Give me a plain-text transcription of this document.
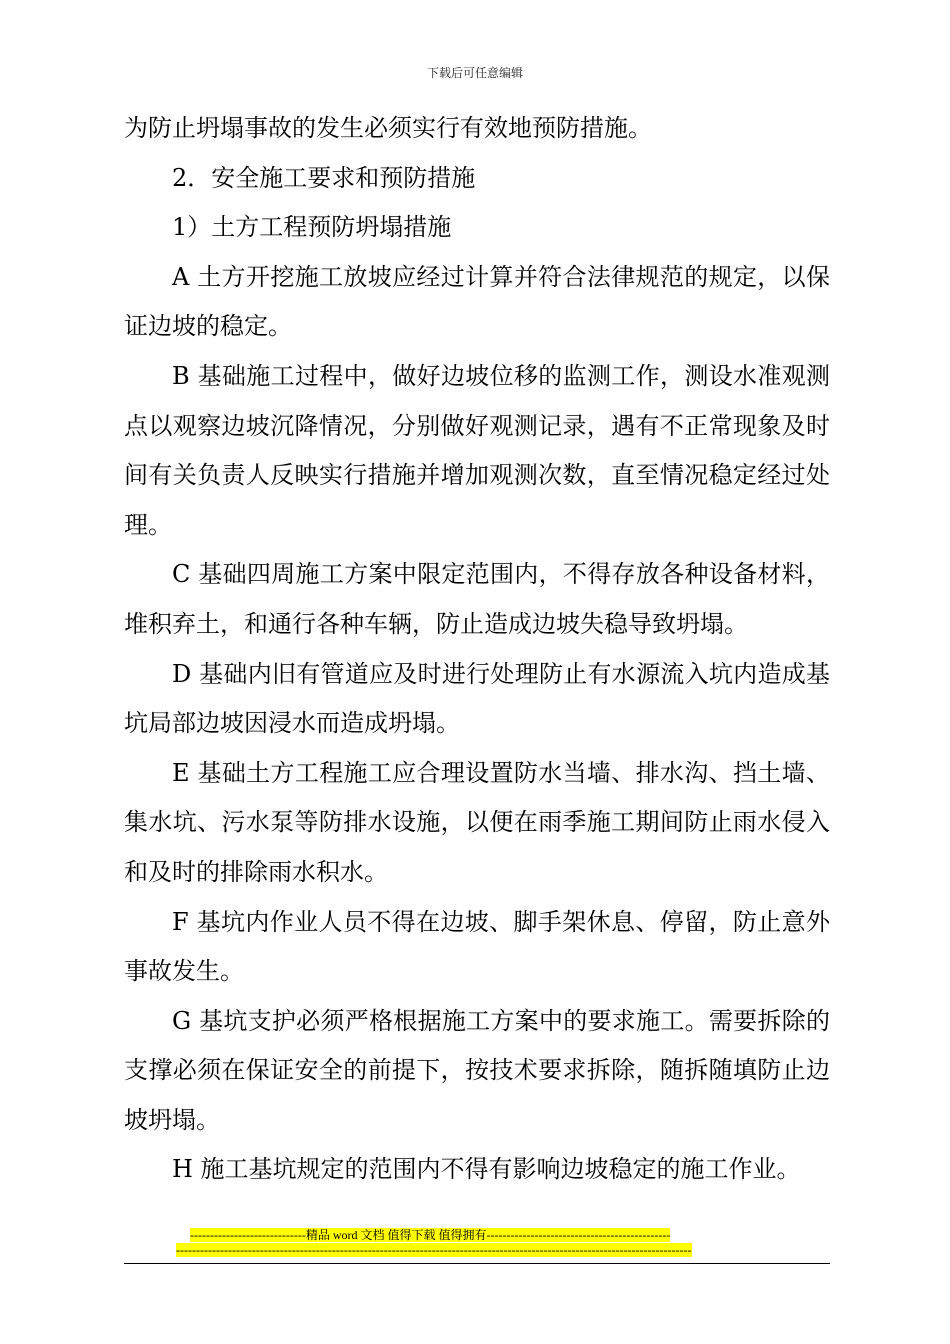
下载后可任意编辑

为防止坍塌事故的发生必须实行有效地预防措施。

2．安全施工要求和预防措施

1）土方工程预防坍塌措施

A 土方开挖施工放坡应经过计算并符合法律规范的规定，以保证边坡的稳定。

B 基础施工过程中，做好边坡位移的监测工作，测设水准观测点以观察边坡沉降情况，分别做好观测记录，遇有不正常现象及时间有关负责人反映实行措施并增加观测次数，直至情况稳定经过处理。

C 基础四周施工方案中限定范围内，不得存放各种设备材料，堆积弃土，和通行各种车辆，防止造成边坡失稳导致坍塌。

D 基础内旧有管道应及时进行处理防止有水源流入坑内造成基坑局部边坡因浸水而造成坍塌。

E 基础土方工程施工应合理设置防水当墙、排水沟、挡土墙、集水坑、污水泵等防排水设施，以便在雨季施工期间防止雨水侵入和及时的排除雨水积水。

F 基坑内作业人员不得在边坡、脚手架休息、停留，防止意外事故发生。

G 基坑支护必须严格根据施工方案中的要求施工。需要拆除的支撑必须在保证安全的前提下，按技术要求拆除，随拆随填防止边坡坍塌。

H 施工基坑规定的范围内不得有影响边坡稳定的施工作业。

-----------------------------精品 word 文档 值得下载 值得拥有----------------------------------------------
---------------------------------------------------------------------------------------------------------------------------------
